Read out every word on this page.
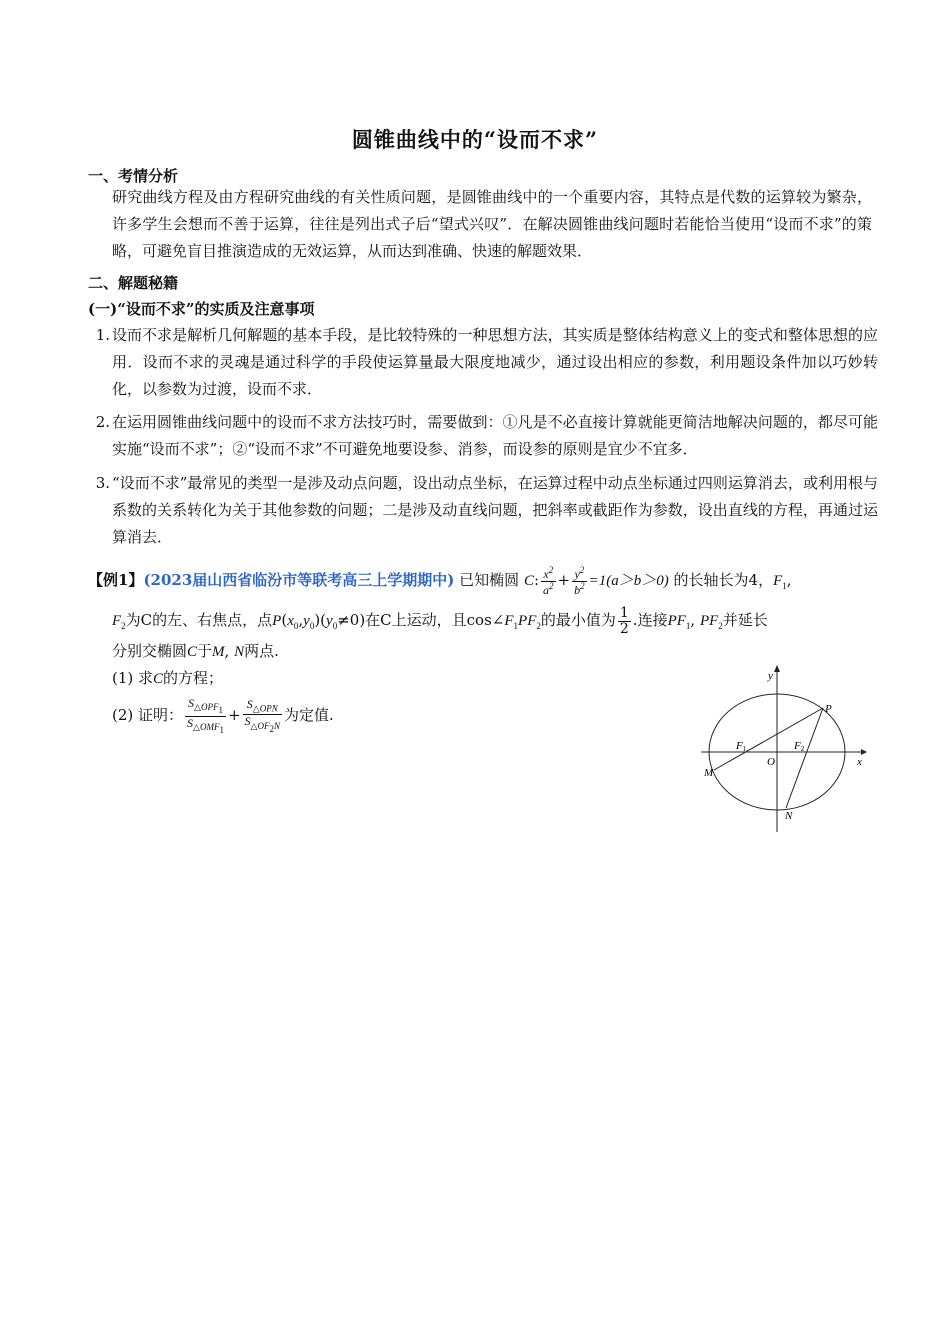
圆锥曲线中的“设而不求”
一、考情分析
研究曲线方程及由方程研究曲线的有关性质问题，是圆锥曲线中的一个重要内容，其特点是代数的运算较为繁杂，许多学生会想而不善于运算，往往是列出式子后“望式兴叹”．在解决圆锥曲线问题时若能恰当使用“设而不求”的策略，可避免盲目推演造成的无效运算，从而达到准确、快速的解题效果．
二、解题秘籍
(一)“设而不求”的实质及注意事项
1. 设而不求是解析几何解题的基本手段，是比较特殊的一种思想方法，其实质是整体结构意义上的变式和整体思想的应用．设而不求的灵魂是通过科学的手段使运算量最大限度地减少，通过设出相应的参数，利用题设条件加以巧妙转化，以参数为过渡，设而不求．
2. 在运用圆锥曲线问题中的设而不求方法技巧时，需要做到：①凡是不必直接计算就能更简洁地解决问题的，都尽可能实施“设而不求”；②“设而不求”不可避免地要设参、消参，而设参的原则是宜少不宜多．
3. “设而不求”最常见的类型一是涉及动点问题，设出动点坐标，在运算过程中动点坐标通过四则运算消去，或利用根与系数的关系转化为关于其他参数的问题；二是涉及动直线问题，把斜率或截距作为参数，设出直线的方程，再通过运算消去．
【例1】(2023届山西省临汾市等联考高三上学期期中) 已知椭圆 C: $\frac{x^2}{a^2} + \frac{y^2}{b^2} =1(a>b>0)$ 的长轴长为4，$F_1$,
$F_2$为C的左、右焦点，点$P(x_0,y_0)(y_0\ne 0)$在C上运动，且$\cos\angle F_1PF_2$的最小值为 $\frac{1}{2}$ .连接$PF_1$, $PF_2$并延长
分别交椭圆C于M, N两点.
(1) 求C的方程；
(2) 证明： $\frac{S_{\triangle OPF_1}}{S_{\triangle OMF_1}} + \frac{S_{\triangle OPN}}{S_{\triangle OF_2N}}$ 为定值.
y
x
O
F1	F2
P
M
N
